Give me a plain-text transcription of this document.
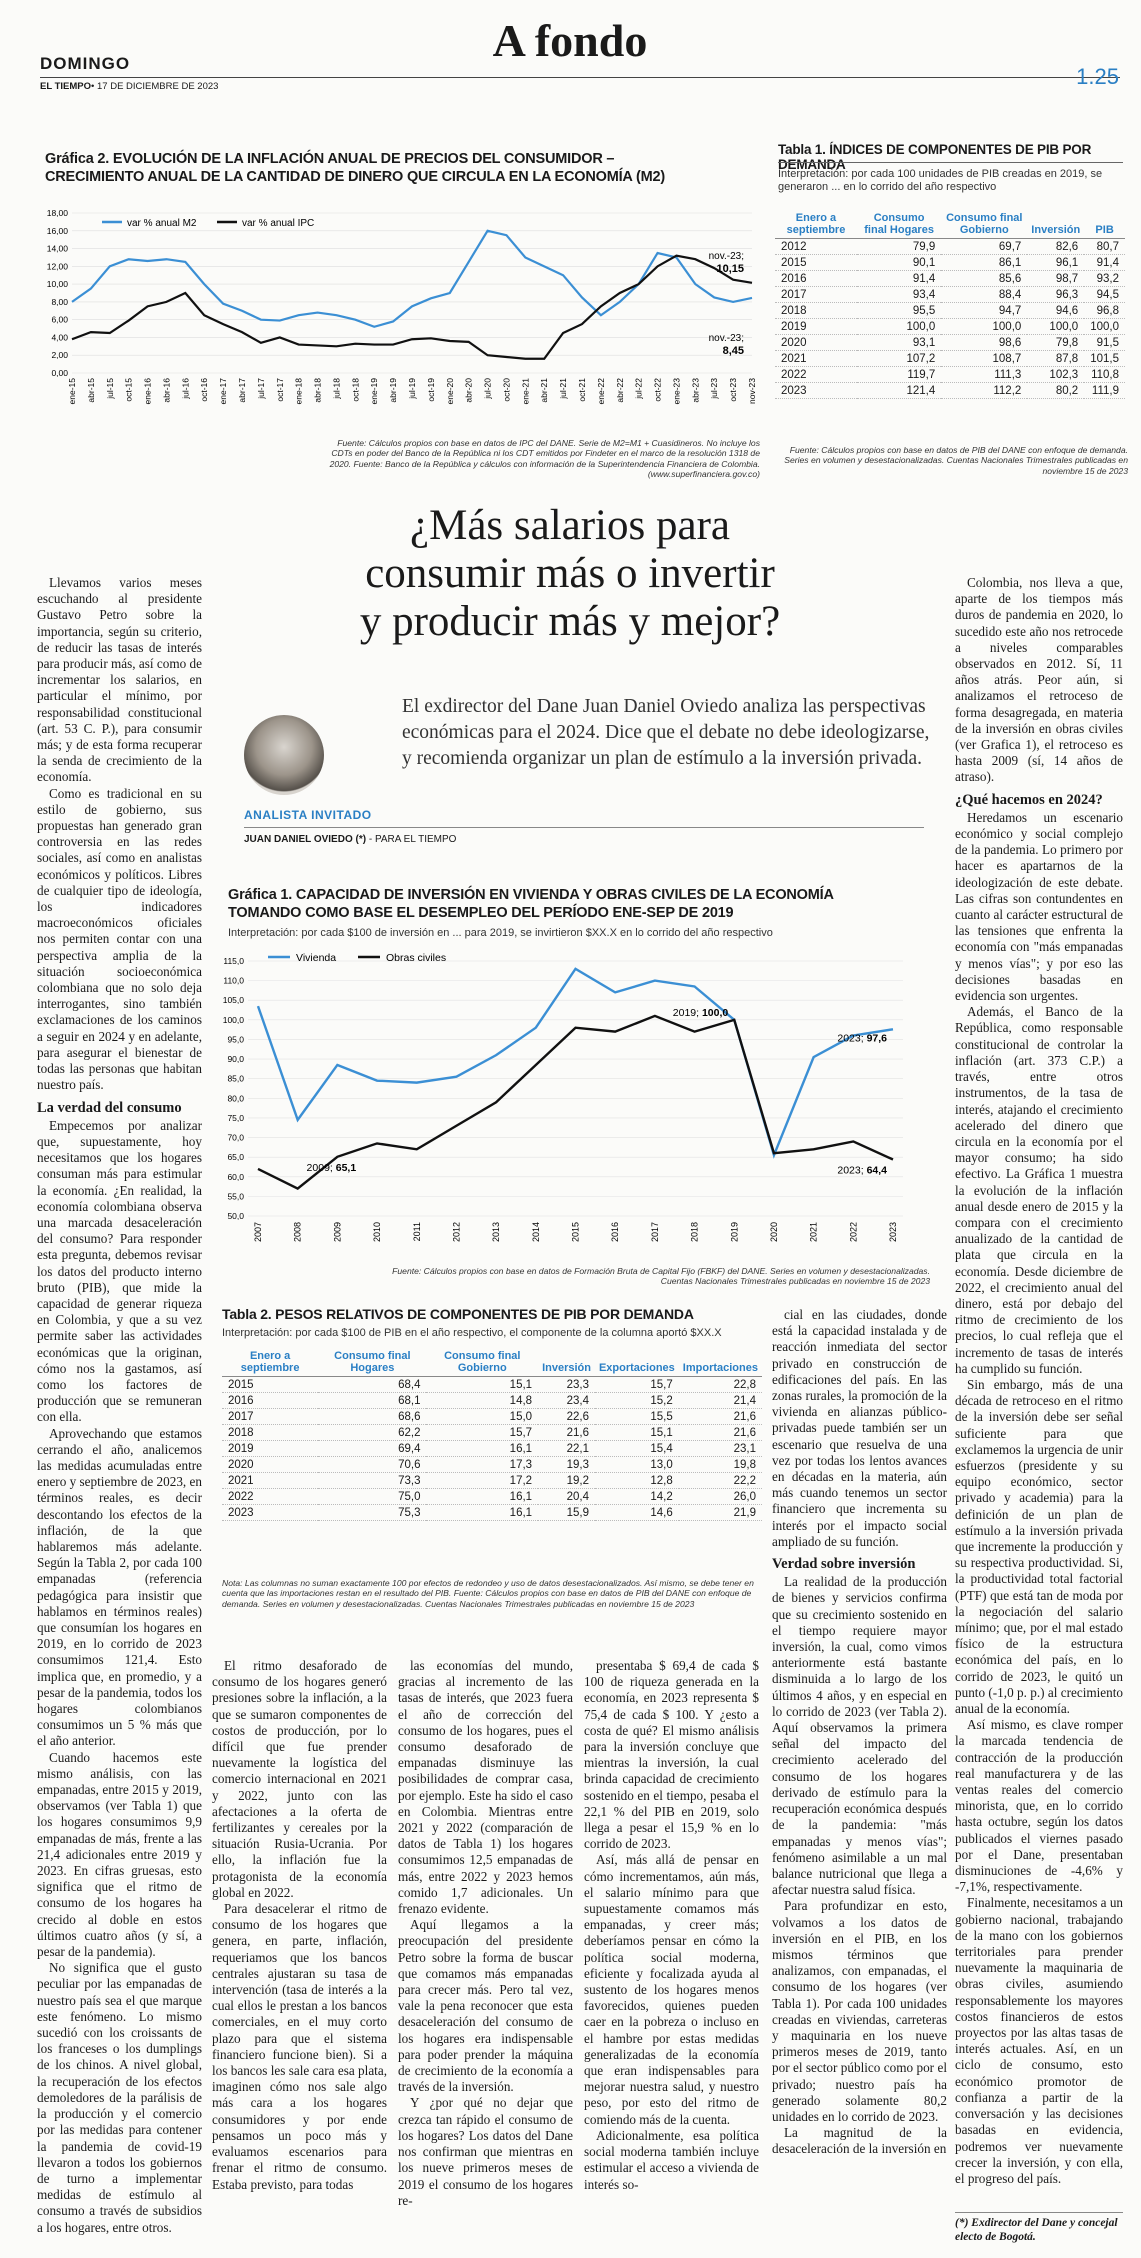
DOMINGO
EL TIEMPO• 17 DE DICIEMBRE DE 2023
A fondo
1.25
Gráfica 2. EVOLUCIÓN DE LA INFLACIÓN ANUAL DE PRECIOS DEL CONSUMIDOR –
CRECIMIENTO ANUAL DE LA CANTIDAD DE DINERO QUE CIRCULA EN LA ECONOMÍA (M2)
0,00
2,00
4,00
6,00
8,00
10,00
12,00
14,00
16,00
18,00
ene-15 abr-15 jul-15 oct-15 ene-16 abr-16 jul-16 oct-16 ene-17 abr-17 jul-17 oct-17 ene-18 abr-18 jul-18 oct-18 ene-19 abr-19 jul-19 oct-19 ene-20 abr-20 jul-20 oct-20 ene-21 abr-21 jul-21 oct-21 ene-22 abr-22 jul-22 oct-22 ene-23 abr-23 jul-23 oct-23 nov-23
var % anual M2	var % anual IPC
nov.-23;
10,15
nov.-23;
8,45
Fuente: Cálculos propios con base en datos de IPC del DANE. Serie de M2=M1 + Cuasidineros. No incluye los CDTs en poder del Banco de la República ni los CDT emitidos por Findeter en el marco de la resolución 1318 de 2020. Fuente: Banco de la República y cálculos con información de la Superintendencia Financiera de Colombia. (www.superfinanciera.gov.co)
Tabla 1. ÍNDICES DE COMPONENTES DE PIB POR DEMANDA
Interpretación: por cada 100 unidades de PIB creadas en 2019, se generaron ... en lo corrido del año respectivo
Enero a septiembre	Consumo final Hogares	Consumo final Gobierno	Inversión	PIB
2012	79,9	69,7	82,6	80,7
2015	90,1	86,1	96,1	91,4
2016	91,4	85,6	98,7	93,2
2017	93,4	88,4	96,3	94,5
2018	95,5	94,7	94,6	96,8
2019	100,0	100,0	100,0	100,0
2020	93,1	98,6	79,8	91,5
2021	107,2	108,7	87,8	101,5
2022	119,7	111,3	102,3	110,8
2023	121,4	112,2	80,2	111,9
Fuente: Cálculos propios con base en datos de PIB del DANE con enfoque de demanda. Series en volumen y desestacionalizadas. Cuentas Nacionales Trimestrales publicadas en noviembre 15 de 2023
¿Más salarios para
consumir más o invertir
y producir más y mejor?
ANALISTA INVITADO
JUAN DANIEL OVIEDO (*) - PARA EL TIEMPO
El exdirector del Dane Juan Daniel Oviedo analiza las perspectivas económicas para el 2024. Dice que el debate no debe ideologizarse, y recomienda organizar un plan de estímulo a la inversión privada.
Gráfica 1. CAPACIDAD DE INVERSIÓN EN VIVIENDA Y OBRAS CIVILES DE LA ECONOMÍA
TOMANDO COMO BASE EL DESEMPLEO DEL PERÍODO ENE-SEP DE 2019
Interpretación: por cada $100 de inversión en ... para 2019, se invirtieron $XX.X en lo corrido del año respectivo
50,0
55,0
60,0
65,0
70,0
75,0
80,0
85,0
90,0
95,0
100,0
105,0
110,0
115,0
2007	2008	2009	2010	2011	2012	2013	2014	2015	2016	2017	2018	2019	2020	2021	2022	2023
Vivienda	Obras civiles
2019; 100,0
2009; 65,1
2023; 97,6
2023; 64,4
Fuente: Cálculos propios con base en datos de Formación Bruta de Capital Fijo (FBKF) del DANE. Series en volumen y desestacionalizadas. Cuentas Nacionales Trimestrales publicadas en noviembre 15 de 2023
Tabla 2. PESOS RELATIVOS DE COMPONENTES DE PIB POR DEMANDA
Interpretación: por cada $100 de PIB en el año respectivo, el componente de la columna aportó $XX.X
Enero a septiembre	Consumo final Hogares	Consumo final Gobierno	Inversión	Exportaciones	Importaciones
2015	68,4	15,1	23,3	15,7	22,8
2016	68,1	14,8	23,4	15,2	21,4
2017	68,6	15,0	22,6	15,5	21,6
2018	62,2	15,7	21,6	15,1	21,6
2019	69,4	16,1	22,1	15,4	23,1
2020	70,6	17,3	19,3	13,0	19,8
2021	73,3	17,2	19,2	12,8	22,2
2022	75,0	16,1	20,4	14,2	26,0
2023	75,3	16,1	15,9	14,6	21,9
Nota: Las columnas no suman exactamente 100 por efectos de redondeo y uso de datos desestacionalizados. Así mismo, se debe tener en cuenta que las importaciones restan en el resultado del PIB. Fuente: Cálculos propios con base en datos de PIB del DANE con enfoque de demanda. Series en volumen y desestacionalizadas. Cuentas Nacionales Trimestrales publicadas en noviembre 15 de 2023

Llevamos varios meses escuchando al presidente Gustavo Petro sobre la importancia, según su criterio, de reducir las tasas de interés para producir más, así como de incrementar los salarios, en particular el mínimo, por responsabilidad constitucional (art. 53 C. P.), para consumir más; y de esta forma recuperar la senda de crecimiento de la economía.

Como es tradicional en su estilo de gobierno, sus propuestas han generado gran controversia en las redes sociales, así como en analistas económicos y políticos. Libres de cualquier tipo de ideología, los indicadores macroeconómicos oficiales nos permiten contar con una perspectiva amplia de la situación socioeconómica colombiana que no solo deja interrogantes, sino también exclamaciones de los caminos a seguir en 2024 y en adelante, para asegurar el bienestar de todas las personas que habitan nuestro país.

La verdad del consumo

Empecemos por analizar que, supuestamente, hoy necesitamos que los hogares consuman más para estimular la economía. ¿En realidad, la economía colombiana observa una marcada desaceleración del consumo? Para responder esta pregunta, debemos revisar los datos del producto interno bruto (PIB), que mide la capacidad de generar riqueza en Colombia, y que a su vez permite saber las actividades económicas que la originan, cómo nos la gastamos, así como los factores de producción que se remuneran con ella.

Aprovechando que estamos cerrando el año, analicemos las medidas acumuladas entre enero y septiembre de 2023, en términos reales, es decir descontando los efectos de la inflación, de la que hablaremos más adelante. Según la Tabla 2, por cada 100 empanadas (referencia pedagógica para insistir que hablamos en términos reales) que consumían los hogares en 2019, en lo corrido de 2023 consumimos 121,4. Esto implica que, en promedio, y a pesar de la pandemia, todos los hogares colombianos consumimos un 5 % más que el año anterior.

Cuando hacemos este mismo análisis, con las empanadas, entre 2015 y 2019, observamos (ver Tabla 1) que los hogares consumimos 9,9 empanadas de más, frente a las 21,4 adicionales entre 2019 y 2023. En cifras gruesas, esto significa que el ritmo de consumo de los hogares ha crecido al doble en estos últimos cuatro años (y sí, a pesar de la pandemia).

No significa que el gusto peculiar por las empanadas de nuestro país sea el que marque este fenómeno. Lo mismo sucedió con los croissants de los franceses o los dumplings de los chinos. A nivel global, la recuperación de los efectos demoledores de la parálisis de la producción y el comercio por las medidas para contener la pandemia de covid-19 llevaron a todos los gobiernos de turno a implementar medidas de estímulo al consumo a través de subsidios a los hogares, entre otros.

El ritmo desaforado de consumo de los hogares generó presiones sobre la inflación, a la que se sumaron componentes de costos de producción, por lo difícil que fue prender nuevamente la logística del comercio internacional en 2021 y 2022, junto con las afectaciones a la oferta de fertilizantes y cereales por la situación Rusia-Ucrania. Por ello, la inflación fue la protagonista de la economía global en 2022.

Para desacelerar el ritmo de consumo de los hogares que genera, en parte, inflación, requeriamos que los bancos centrales ajustaran su tasa de intervención (tasa de interés a la cual ellos le prestan a los bancos comerciales, en el muy corto plazo para que el sistema financiero funcione bien). Si a los bancos les sale cara esa plata, imaginen cómo nos sale algo más cara a los hogares consumidores y por ende pensamos un poco más y evaluamos escenarios para frenar el ritmo de consumo. Estaba previsto, para todas

las economías del mundo, gracias al incremento de las tasas de interés, que 2023 fuera el año de corrección del consumo de los hogares, pues el consumo desaforado de empanadas disminuye las posibilidades de comprar casa, por ejemplo. Este ha sido el caso en Colombia. Mientras entre 2021 y 2022 (comparación de datos de Tabla 1) los hogares consumimos 12,5 empanadas de más, entre 2022 y 2023 hemos comido 1,7 adicionales. Un frenazo evidente.

Aquí llegamos a la preocupación del presidente Petro sobre la forma de buscar que comamos más empanadas para crecer más. Pero tal vez, vale la pena reconocer que esta desaceleración del consumo de los hogares era indispensable para poder prender la máquina de crecimiento de la economía a través de la inversión.

Y ¿por qué no dejar que crezca tan rápido el consumo de los hogares? Los datos del Dane nos confirman que mientras en los nueve primeros meses de 2019 el consumo de los hogares re-

presentaba $ 69,4 de cada $ 100 de riqueza generada en la economía, en 2023 representa $ 75,4 de cada $ 100. Y ¿esto a costa de qué? El mismo análisis para la inversión concluye que mientras la inversión, la cual brinda capacidad de crecimiento sostenido en el tiempo, pesaba el 22,1 % del PIB en 2019, solo llega a pesar el 15,9 % en lo corrido de 2023.

Así, más allá de pensar en cómo incrementamos, aún más, el salario mínimo para que supuestamente comamos más empanadas, y creer más; deberíamos pensar en cómo la política social moderna, eficiente y focalizada ayuda al sustento de los hogares menos favorecidos, quienes pueden caer en la pobreza o incluso en el hambre por estas medidas generalizadas de la economía que eran indispensables para mejorar nuestra salud, y nuestro peso, por esto del ritmo de comiendo más de la cuenta.

Adicionalmente, esa política social moderna también incluye estimular el acceso a vivienda de interés so-

cial en las ciudades, donde está la capacidad instalada y de reacción inmediata del sector privado en construcción de edificaciones del país. En las zonas rurales, la promoción de la vivienda en alianzas público-privadas puede también ser un escenario que resuelva de una vez por todas los lentos avances en décadas en la materia, aún más cuando tenemos un sector financiero que incrementa su interés por el impacto social ampliado de su función.

Verdad sobre inversión

La realidad de la producción de bienes y servicios confirma que su crecimiento sostenido en el tiempo requiere mayor inversión, la cual, como vimos anteriormente está bastante disminuida a lo largo de los últimos 4 años, y en especial en lo corrido de 2023 (ver Tabla 2). Aquí observamos la primera señal del impacto del crecimiento acelerado del consumo de los hogares derivado de estímulo para la recuperación económica después de la pandemia: "más empanadas y menos vías"; fenómeno asimilable a un mal balance nutricional que llega a afectar nuestra salud física.

Para profundizar en esto, volvamos a los datos de inversión en el PIB, en los mismos términos que analizamos, con empanadas, el consumo de los hogares (ver Tabla 1). Por cada 100 unidades creadas en viviendas, carreteras y maquinaria en los nueve primeros meses de 2019, tanto por el sector público como por el privado; nuestro país ha generado solamente 80,2 unidades en lo corrido de 2023.

La magnitud de la desaceleración de la inversión en

Colombia, nos lleva a que, aparte de los tiempos más duros de pandemia en 2020, lo sucedido este año nos retrocede a niveles comparables observados en 2012. Sí, 11 años atrás. Peor aún, si analizamos el retroceso de forma desagregada, en materia de la inversión en obras civiles (ver Grafica 1), el retroceso es hasta 2009 (sí, 14 años de atraso).

¿Qué hacemos en 2024?

Heredamos un escenario económico y social complejo de la pandemia. Lo primero por hacer es apartarnos de la ideologización de este debate. Las cifras son contundentes en cuanto al carácter estructural de las tensiones que enfrenta la economía con "más empanadas y menos vías"; y por eso las decisiones basadas en evidencia son urgentes.

Además, el Banco de la República, como responsable constitucional de controlar la inflación (art. 373 C.P.) a través, entre otros instrumentos, de la tasa de interés, atajando el crecimiento acelerado del dinero que circula en la economía por el mayor consumo; ha sido efectivo. La Gráfica 1 muestra la evolución de la inflación anual desde enero de 2015 y la compara con el crecimiento anualizado de la cantidad de plata que circula en la economía. Desde diciembre de 2022, el crecimiento anual del dinero, está por debajo del ritmo de crecimiento de los precios, lo cual refleja que el incremento de tasas de interés ha cumplido su función.

Sin embargo, más de una década de retroceso en el ritmo de la inversión debe ser señal suficiente para que exclamemos la urgencia de unir esfuerzos (presidente y su equipo económico, sector privado y academia) para la definición de un plan de estímulo a la inversión privada que incremente la producción y su respectiva productividad. Si, la productividad total factorial (PTF) que está tan de moda por la negociación del salario mínimo; que, por el mal estado físico de la estructura económica del país, en lo corrido de 2023, le quitó un punto (-1,0 p. p.) al crecimiento anual de la economía.

Así mismo, es clave romper la marcada tendencia de contracción de la producción real manufacturera y de las ventas reales del comercio minorista, que, en lo corrido hasta octubre, según los datos publicados el viernes pasado por el Dane, presentaban disminuciones de -4,6% y -7,1%, respectivamente.

Finalmente, necesitamos a un gobierno nacional, trabajando de la mano con los gobiernos territoriales para prender nuevamente la maquinaria de obras civiles, asumiendo responsablemente los mayores costos financieros de estos proyectos por las altas tasas de interés actuales. Así, en un ciclo de consumo, esto económico promotor de confianza a partir de la conversación y las decisiones basadas en evidencia, podremos ver nuevamente crecer la inversión, y con ella, el progreso del país.

(*) Exdirector del Dane y concejal electo de Bogotá.
